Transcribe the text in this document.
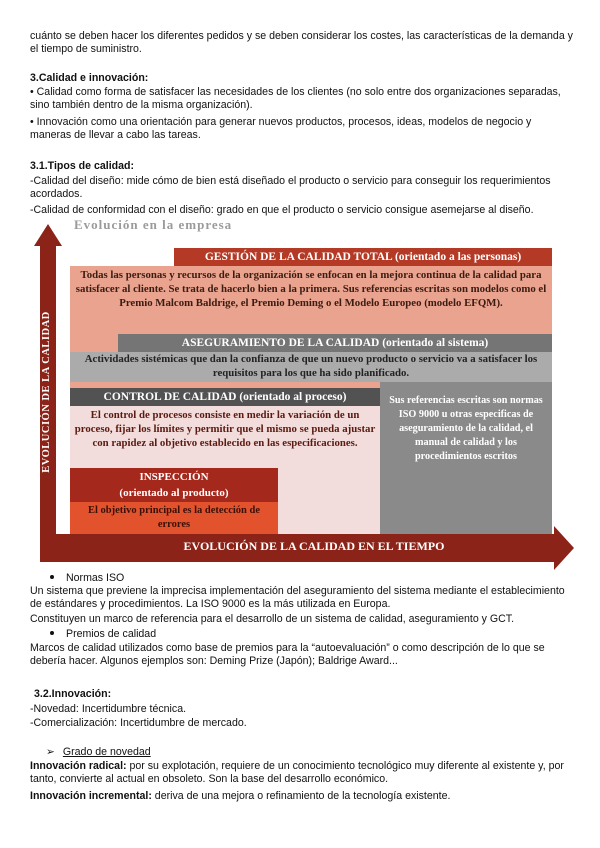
cuánto se deben hacer los diferentes pedidos y se deben considerar los costes, las características de la demanda y el tiempo de suministro.

3.Calidad e innovación:

• Calidad como forma de satisfacer las necesidades de los clientes (no solo entre dos organizaciones separadas, sino también dentro de la misma organización).

• Innovación como una orientación para generar nuevos productos, procesos, ideas, modelos de negocio y maneras de llevar a cabo las tareas.

3.1.Tipos de calidad:

-Calidad del diseño: mide cómo de bien está diseñado el producto o servicio para conseguir los requerimientos acordados.

-Calidad de conformidad con el diseño: grado en que el producto o servicio consigue asemejarse al diseño.

Evolución en la empresa
EVOLUCIÓN DE LA CALIDAD
EVOLUCIÓN DE LA CALIDAD EN EL TIEMPO
GESTIÓN DE LA CALIDAD TOTAL (orientado a las personas)
Todas las personas y recursos de la organización se enfocan en la mejora continua de la calidad para satisfacer al cliente. Se trata de hacerlo bien a la primera. Sus referencias escritas son modelos como el Premio Malcom Baldrige, el Premio Deming o el Modelo Europeo (modelo EFQM).
ASEGURAMIENTO DE LA CALIDAD (orientado al sistema)
Actividades sistémicas que dan la confianza de que un nuevo producto o servicio va a satisfacer los requisitos para los que ha sido planificado.
Sus referencias escritas son normas ISO 9000 u otras especificas de aseguramiento de la calidad, el manual de calidad y los procedimientos escritos
CONTROL DE CALIDAD (orientado al proceso)
El control de procesos consiste en medir la variación de un proceso, fijar los límites y permitir que el mismo se pueda ajustar con rapidez al objetivo establecido en las especificaciones.
INSPECCIÓN
(orientado al producto)
El objetivo principal es la detección de errores
Normas ISO

Un sistema que previene la imprecisa implementación del aseguramiento del sistema mediante el establecimiento de estándares y procedimientos. La ISO 9000 es la más utilizada en Europa.

Constituyen un marco de referencia para el desarrollo de un sistema de calidad, aseguramiento y GCT.

Premios de calidad

Marcos de calidad utilizados como base de premios para la “autoevaluación” o como descripción de lo que se debería hacer. Algunos ejemplos son: Deming Prize (Japón); Baldrige Award...

3.2.Innovación:

-Novedad: Incertidumbre técnica.

-Comercialización: Incertidumbre de mercado.

➢ Grado de novedad

Innovación radical: por su explotación, requiere de un conocimiento tecnológico muy diferente al existente y, por tanto, convierte al actual en obsoleto. Son la base del desarrollo económico.

Innovación incremental: deriva de una mejora o refinamiento de la tecnología existente.
